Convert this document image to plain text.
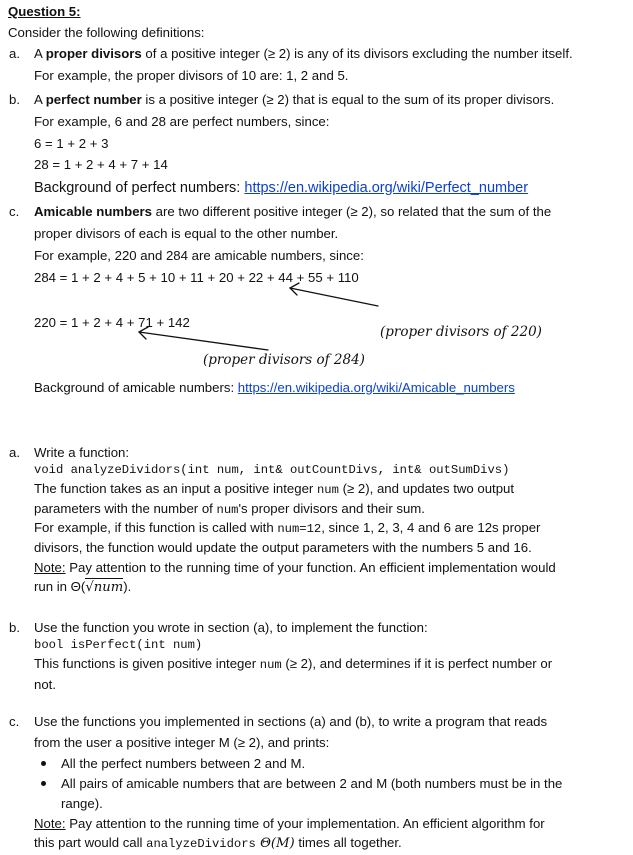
Question 5:
Consider the following definitions:
a. A proper divisors of a positive integer (≥ 2) is any of its divisors excluding the number itself.
For example, the proper divisors of 10 are: 1, 2 and 5.
b. A perfect number is a positive integer (≥ 2) that is equal to the sum of its proper divisors.
For example, 6 and 28 are perfect numbers, since:
6 = 1 + 2 + 3
28 = 1 + 2 + 4 + 7 + 14
Background of perfect numbers: https://en.wikipedia.org/wiki/Perfect_number
c. Amicable numbers are two different positive integer (≥ 2), so related that the sum of the
proper divisors of each is equal to the other number.
For example, 220 and 284 are amicable numbers, since:
284 = 1 + 2 + 4 + 5 + 10 + 11 + 20 + 22 + 44 + 55 + 110
220 = 1 + 2 + 4 + 71 + 142
(proper divisors of 220)
(proper divisors of 284)
Background of amicable numbers: https://en.wikipedia.org/wiki/Amicable_numbers
a. Write a function:
void analyzeDividors(int num, int& outCountDivs, int& outSumDivs)
The function takes as an input a positive integer num (≥ 2), and updates two output
parameters with the number of num's proper divisors and their sum.
For example, if this function is called with num=12, since 1, 2, 3, 4 and 6 are 12s proper
divisors, the function would update the output parameters with the numbers 5 and 16.
Note: Pay attention to the running time of your function. An efficient implementation would
run in Θ(√num).
b. Use the function you wrote in section (a), to implement the function:
bool isPerfect(int num)
This functions is given positive integer num (≥ 2), and determines if it is perfect number or
not.
c. Use the functions you implemented in sections (a) and (b), to write a program that reads
from the user a positive integer M (≥ 2), and prints:
All the perfect numbers between 2 and M.
All pairs of amicable numbers that are between 2 and M (both numbers must be in the
range).
Note: Pay attention to the running time of your implementation. An efficient algorithm for
this part would call analyzeDividors Θ(M) times all together.
